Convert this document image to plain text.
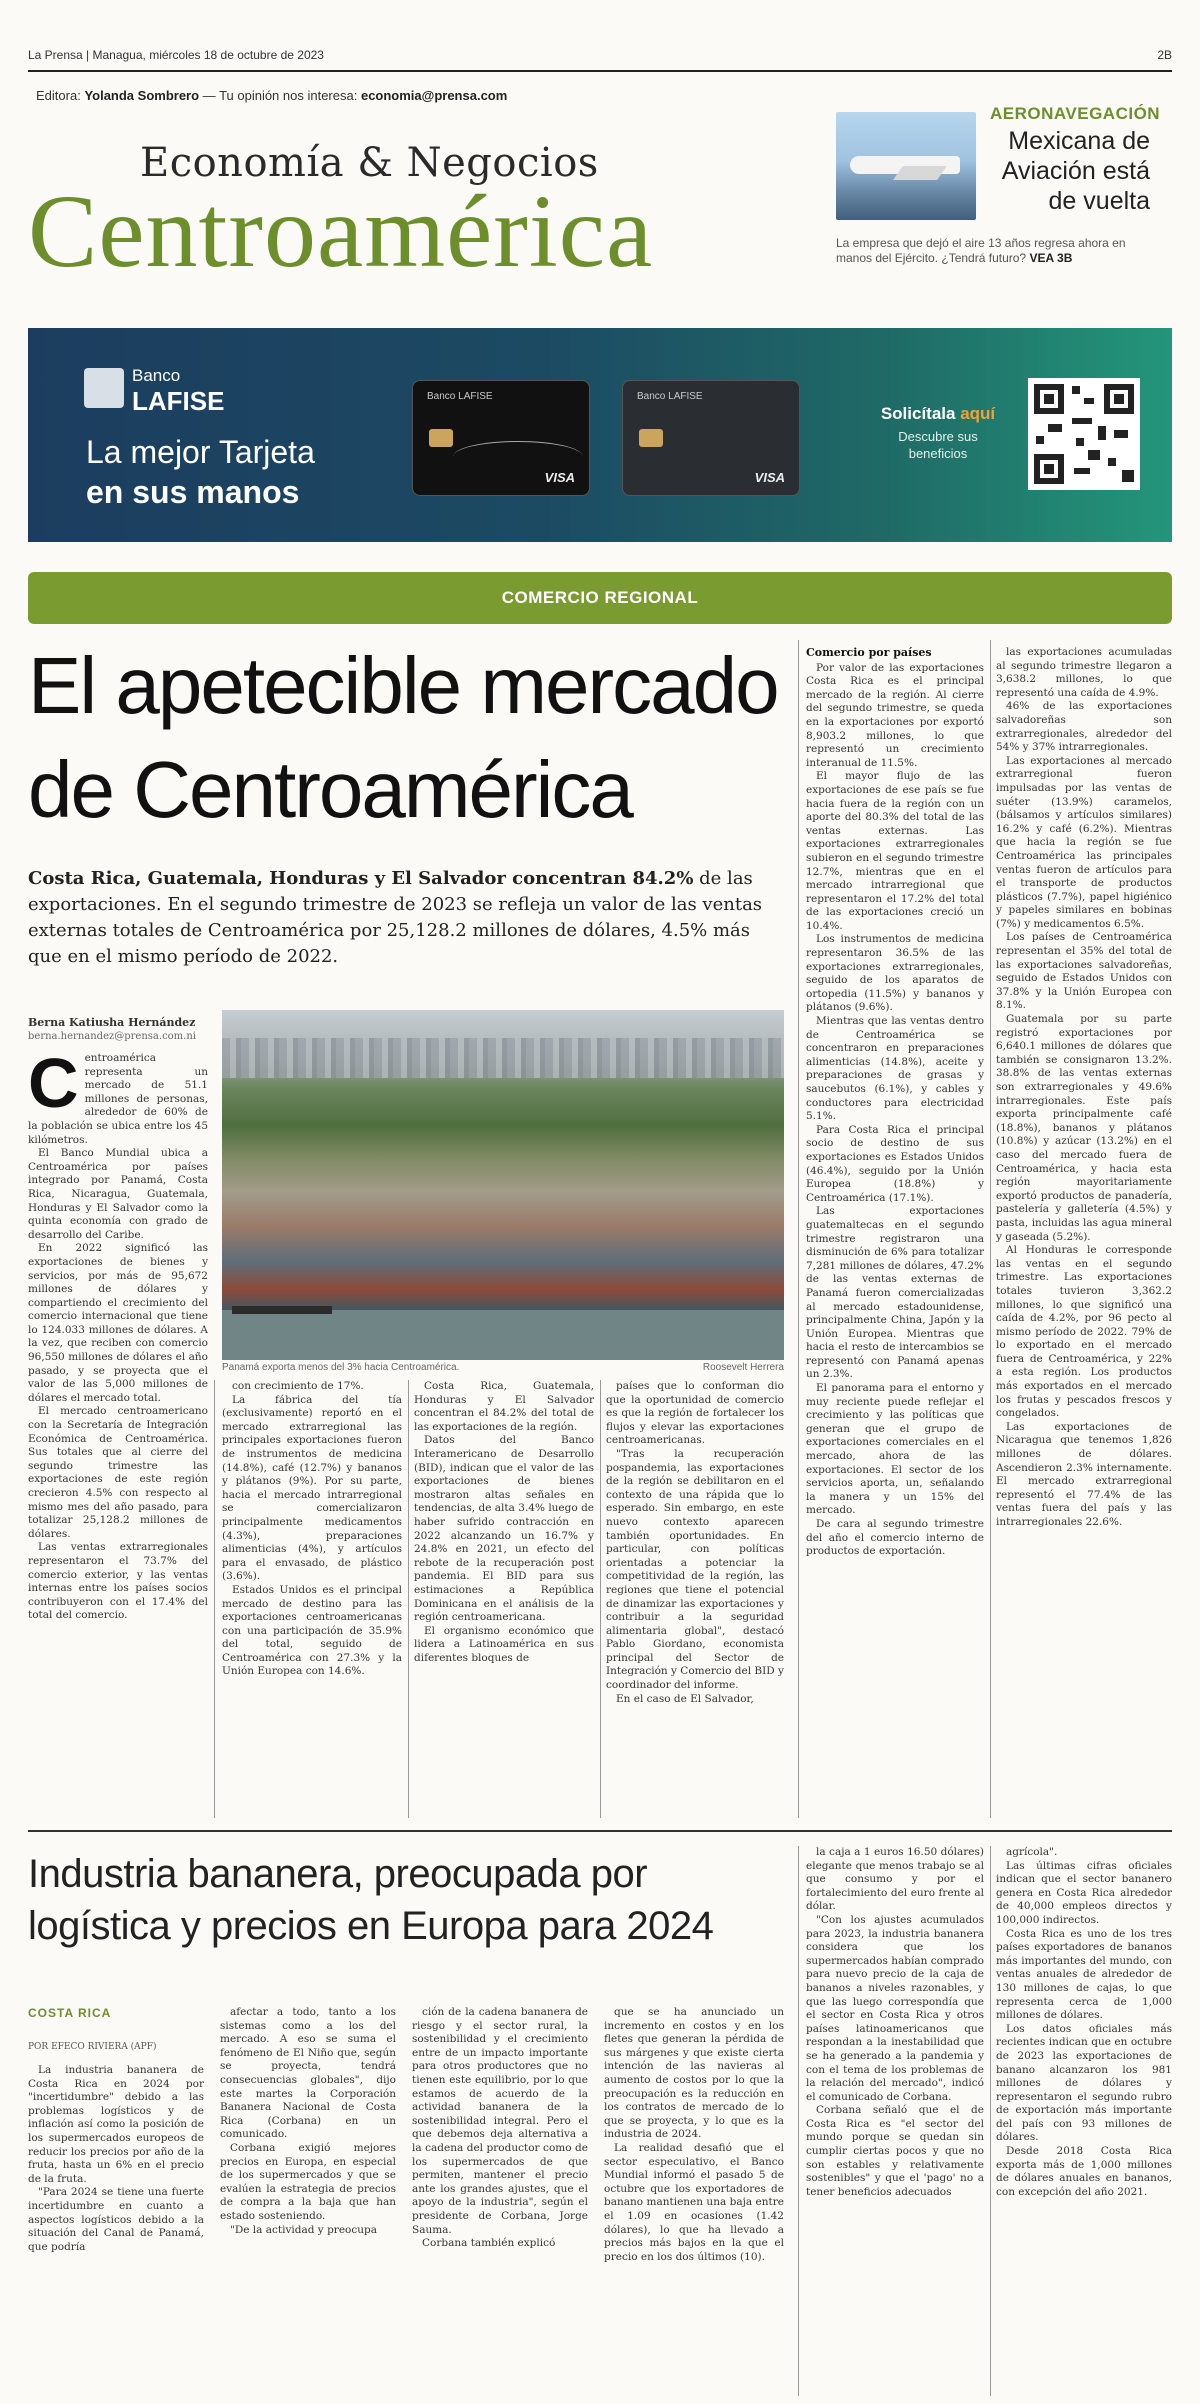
La Prensa | Managua, miércoles 18 de octubre de 2023	2B
Editora: Yolanda Sombrero — Tu opinión nos interesa: economia@prensa.com
Economía & Negocios
Centroamérica
AERONAVEGACIÓN
Mexicana de Aviación está de vuelta
La empresa que dejó el aire 13 años regresa ahora en manos del Ejército. ¿Tendrá futuro? VEA 3B
Banco
LAFISE
La mejor Tarjeta
en sus manos
Banco LAFISE
VISA
Banco LAFISE
VISA
Solicítala aquí
Descubre sus beneficios
COMERCIO REGIONAL
El apetecible mercado de Centroamérica
Costa Rica, Guatemala, Honduras y El Salvador concentran 84.2% de las exportaciones. En el segundo trimestre de 2023 se refleja un valor de las ventas externas totales de Centroamérica por 25,128.2 millones de dólares, 4.5% más que en el mismo período de 2022.
Berna Katiusha Hernández
berna.hernandez@prensa.com.ni
Panamá exporta menos del 3% hacia Centroamérica.	Roosevelt Herrera
C entroamérica representa un mercado de 51.1 millones de personas, alrededor de 60% de la población se ubica entre los 45 kilómetros.

El Banco Mundial ubica a Centroamérica por países integrado por Panamá, Costa Rica, Nicaragua, Guatemala, Honduras y El Salvador como la quinta economía con grado de desarrollo del Caribe.

En 2022 significó las exportaciones de bienes y servicios, por más de 95,672 millones de dólares y compartiendo el crecimiento del comercio internacional que tiene lo 124.033 millones de dólares. A la vez, que reciben con comercio 96,550 millones de dólares el año pasado, y se proyecta que el valor de las 5,000 millones de dólares el mercado total.

El mercado centroamericano con la Secretaría de Integración Económica de Centroamérica. Sus totales que al cierre del segundo trimestre las exportaciones de este región crecieron 4.5% con respecto al mismo mes del año pasado, para totalizar 25,128.2 millones de dólares.

Las ventas extrarregionales representaron el 73.7% del comercio exterior, y las ventas internas entre los países socios contribuyeron con el 17.4% del total del comercio.

con crecimiento de 17%.

La fábrica del tía (exclusivamente) reportó en el mercado extrarregional las principales exportaciones fueron de instrumentos de medicina (14.8%), café (12.7%) y bananos y plátanos (9%). Por su parte, hacia el mercado intrarregional se comercializaron principalmente medicamentos (4.3%), preparaciones alimenticias (4%), y artículos para el envasado, de plástico (3.6%).

Estados Unidos es el principal mercado de destino para las exportaciones centroamericanas con una participación de 35.9% del total, seguido de Centroamérica con 27.3% y la Unión Europea con 14.6%.

Costa Rica, Guatemala, Honduras y El Salvador concentran el 84.2% del total de las exportaciones de la región.

Datos del Banco Interamericano de Desarrollo (BID), indican que el valor de las exportaciones de bienes mostraron altas señales en tendencias, de alta 3.4% luego de haber sufrido contracción en 2022 alcanzando un 16.7% y 24.8% en 2021, un efecto del rebote de la recuperación post pandemia. El BID para sus estimaciones a República Dominicana en el análisis de la región centroamericana.

El organismo económico que lidera a Latinoamérica en sus diferentes bloques de

países que lo conforman dio que la oportunidad de comercio es que la región de fortalecer los flujos y elevar las exportaciones centroamericanas.

"Tras la recuperación pospandemia, las exportaciones de la región se debilitaron en el contexto de una rápida que lo esperado. Sin embargo, en este nuevo contexto aparecen también oportunidades. En particular, con políticas orientadas a potenciar la competitividad de la región, las regiones que tiene el potencial de dinamizar las exportaciones y contribuir a la seguridad alimentaria global", destacó Pablo Giordano, economista principal del Sector de Integración y Comercio del BID y coordinador del informe.

En el caso de El Salvador,

Comercio por países

Por valor de las exportaciones Costa Rica es el principal mercado de la región. Al cierre del segundo trimestre, se queda en la exportaciones por exportó 8,903.2 millones, lo que representó un crecimiento interanual de 11.5%.

El mayor flujo de las exportaciones de ese país se fue hacia fuera de la región con un aporte del 80.3% del total de las ventas externas. Las exportaciones extrarregionales subieron en el segundo trimestre 12.7%, mientras que en el mercado intrarregional que representaron el 17.2% del total de las exportaciones creció un 10.4%.

Los instrumentos de medicina representaron 36.5% de las exportaciones extrarregionales, seguido de los aparatos de ortopedia (11.5%) y bananos y plátanos (9.6%).

Mientras que las ventas dentro de Centroamérica se concentraron en preparaciones alimenticias (14.8%), aceite y preparaciones de grasas y saucebutos (6.1%), y cables y conductores para electricidad 5.1%.

Para Costa Rica el principal socio de destino de sus exportaciones es Estados Unidos (46.4%), seguido por la Unión Europea (18.8%) y Centroamérica (17.1%).

Las exportaciones guatemaltecas en el segundo trimestre registraron una disminución de 6% para totalizar 7,281 millones de dólares, 47.2% de las ventas externas de Panamá fueron comercializadas al mercado estadounidense, principalmente China, Japón y la Unión Europea. Mientras que hacia el resto de intercambios se representó con Panamá apenas un 2.3%.

El panorama para el entorno y muy reciente puede reflejar el crecimiento y las políticas que generan que el grupo de exportaciones comerciales en el mercado, ahora de las exportaciones. El sector de los servicios aporta, un, señalando la manera y un 15% del mercado.

De cara al segundo trimestre del año el comercio interno de productos de exportación.

las exportaciones acumuladas al segundo trimestre llegaron a 3,638.2 millones, lo que representó una caída de 4.9%.

46% de las exportaciones salvadoreñas son extrarregionales, alrededor del 54% y 37% intrarregionales.

Las exportaciones al mercado extrarregional fueron impulsadas por las ventas de suéter (13.9%) caramelos, (bálsamos y artículos similares) 16.2% y café (6.2%). Mientras que hacia la región se fue Centroamérica las principales ventas fueron de artículos para el transporte de productos plásticos (7.7%), papel higiénico y papeles similares en bobinas (7%) y medicamentos 6.5%.

Los países de Centroamérica representan el 35% del total de las exportaciones salvadoreñas, seguido de Estados Unidos con 37.8% y la Unión Europea con 8.1%.

Guatemala por su parte registró exportaciones por 6,640.1 millones de dólares que también se consignaron 13.2%. 38.8% de las ventas externas son extrarregionales y 49.6% intrarregionales. Este país exporta principalmente café (18.8%), bananos y plátanos (10.8%) y azúcar (13.2%) en el caso del mercado fuera de Centroamérica, y hacia esta región mayoritariamente exportó productos de panadería, pastelería y galletería (4.5%) y pasta, incluidas las agua mineral y gaseada (5.2%).

Al Honduras le corresponde las ventas en el segundo trimestre. Las exportaciones totales tuvieron 3,362.2 millones, lo que significó una caída de 4.2%, por 96 pecto al mismo período de 2022. 79% de lo exportado en el mercado fuera de Centroamérica, y 22% a esta región. Los productos más exportados en el mercado los frutas y pescados frescos y congelados.

Las exportaciones de Nicaragua que tenemos 1,826 millones de dólares. Ascendieron 2.3% internamente. El mercado extrarregional representó el 77.4% de las ventas fuera del país y las intrarregionales 22.6%.

Industria bananera, preocupada por logística y precios en Europa para 2024
COSTA RICA
POR EFECO RIVIERA (APF)

La industria bananera de Costa Rica en 2024 por "incertidumbre" debido a las problemas logísticos y de inflación así como la posición de los supermercados europeos de reducir los precios por año de la fruta, hasta un 6% en el precio de la fruta.

"Para 2024 se tiene una fuerte incertidumbre en cuanto a aspectos logísticos debido a la situación del Canal de Panamá, que podría

afectar a todo, tanto a los sistemas como a los del mercado. A eso se suma el fenómeno de El Niño que, según se proyecta, tendrá consecuencias globales", dijo este martes la Corporación Bananera Nacional de Costa Rica (Corbana) en un comunicado.

Corbana exigió mejores precios en Europa, en especial de los supermercados y que se evalúen la estrategia de precios de compra a la baja que han estado sosteniendo.

"De la actividad y preocupa

ción de la cadena bananera de riesgo y el sector rural, la sostenibilidad y el crecimiento entre de un impacto importante para otros productores que no tienen este equilibrio, por lo que estamos de acuerdo de la actividad bananera de la sostenibilidad integral. Pero el que debemos deja alternativa a la cadena del productor como de los supermercados de que permiten, mantener el precio ante los grandes ajustes, que el apoyo de la industria", según el presidente de Corbana, Jorge Sauma.

Corbana también explicó

que se ha anunciado un incremento en costos y en los fletes que generan la pérdida de sus márgenes y que existe cierta intención de las navieras al aumento de costos por lo que la preocupación es la reducción en los contratos de mercado de lo que se proyecta, y lo que es la industria de 2024.

La realidad desafió que el sector especulativo, el Banco Mundial informó el pasado 5 de octubre que los exportadores de banano mantienen una baja entre el 1.09 en ocasiones (1.42 dólares), lo que ha llevado a precios más bajos en la que el precio en los dos últimos (10).

la caja a 1 euros 16.50 dólares) elegante que menos trabajo se al que consumo y por el fortalecimiento del euro frente al dólar.

"Con los ajustes acumulados para 2023, la industria bananera considera que los supermercados habían comprado para nuevo precio de la caja de bananos a niveles razonables, y que las luego correspondía que el sector en Costa Rica y otros países latinoamericanos que respondan a la inestabilidad que se ha generado a la pandemia y con el tema de los problemas de la relación del mercado", indicó el comunicado de Corbana.

Corbana señaló que el de Costa Rica es "el sector del mundo porque se quedan sin cumplir ciertas pocos y que no son estables y relativamente sostenibles" y que el 'pago' no a tener beneficios adecuados

agrícola".

Las últimas cifras oficiales indican que el sector bananero genera en Costa Rica alrededor de 40,000 empleos directos y 100,000 indirectos.

Costa Rica es uno de los tres países exportadores de bananos más importantes del mundo, con ventas anuales de alrededor de 130 millones de cajas, lo que representa cerca de 1,000 millones de dólares.

Los datos oficiales más recientes indican que en octubre de 2023 las exportaciones de banano alcanzaron los 981 millones de dólares y representaron el segundo rubro de exportación más importante del país con 93 millones de dólares.

Desde 2018 Costa Rica exporta más de 1,000 millones de dólares anuales en bananos, con excepción del año 2021.
